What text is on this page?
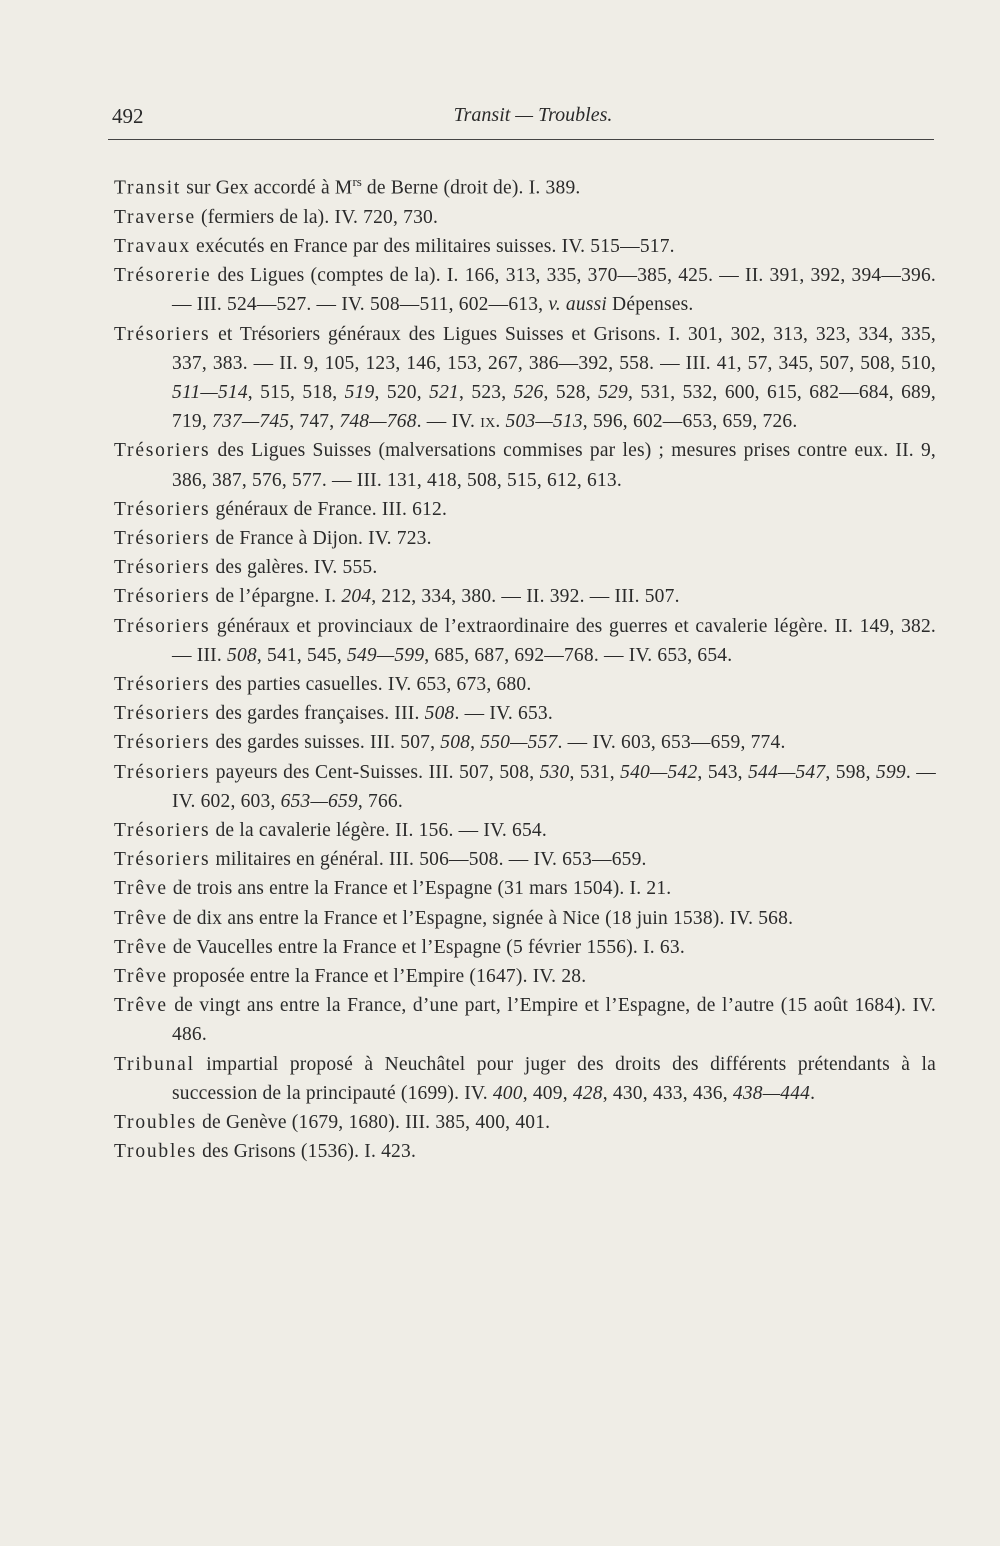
492	Transit — Troubles.

Transit sur Gex accordé à $M^{rs}$ de Berne (droit de). I. 389.

Traverse (fermiers de la). IV. 720, 730.

Travaux exécutés en France par des militaires suisses. IV. 515—517.

Trésorerie des Ligues (comptes de la). I. 166, 313, 335, 370—385, 425. — II. 391, 392, 394—396. — III. 524—527. — IV. 508—511, 602—613, v. aussi Dépenses.

Trésoriers et Trésoriers généraux des Ligues Suisses et Grisons. I. 301, 302, 313, 323, 334, 335, 337, 383. — II. 9, 105, 123, 146, 153, 267, 386—392, 558. — III. 41, 57, 345, 507, 508, 510, 511—514, 515, 518, 519, 520, 521, 523, 526, 528, 529, 531, 532, 600, 615, 682—684, 689, 719, 737—745, 747, 748—768. — IV. ix. 503—513, 596, 602—653, 659, 726.

Trésoriers des Ligues Suisses (malversations commises par les) ; mesures prises contre eux. II. 9, 386, 387, 576, 577. — III. 131, 418, 508, 515, 612, 613.

Trésoriers généraux de France. III. 612.

Trésoriers de France à Dijon. IV. 723.

Trésoriers des galères. IV. 555.

Trésoriers de l’épargne. I. 204, 212, 334, 380. — II. 392. — III. 507.

Trésoriers généraux et provinciaux de l’extraordinaire des guerres et cavalerie légère. II. 149, 382. — III. 508, 541, 545, 549—599, 685, 687, 692—768. — IV. 653, 654.

Trésoriers des parties casuelles. IV. 653, 673, 680.

Trésoriers des gardes françaises. III. 508. — IV. 653.

Trésoriers des gardes suisses. III. 507, 508, 550—557. — IV. 603, 653—659, 774.

Trésoriers payeurs des Cent-Suisses. III. 507, 508, 530, 531, 540—542, 543, 544—547, 598, 599. — IV. 602, 603, 653—659, 766.

Trésoriers de la cavalerie légère. II. 156. — IV. 654.

Trésoriers militaires en général. III. 506—508. — IV. 653—659.

Trêve de trois ans entre la France et l’Espagne (31 mars 1504). I. 21.

Trêve de dix ans entre la France et l’Espagne, signée à Nice (18 juin 1538). IV. 568.

Trêve de Vaucelles entre la France et l’Espagne (5 février 1556). I. 63.

Trêve proposée entre la France et l’Empire (1647). IV. 28.

Trêve de vingt ans entre la France, d’une part, l’Empire et l’Espagne, de l’autre (15 août 1684). IV. 486.

Tribunal impartial proposé à Neuchâtel pour juger des droits des différents prétendants à la succession de la principauté (1699). IV. 400, 409, 428, 430, 433, 436, 438—444.

Troubles de Genève (1679, 1680). III. 385, 400, 401.

Troubles des Grisons (1536). I. 423.
